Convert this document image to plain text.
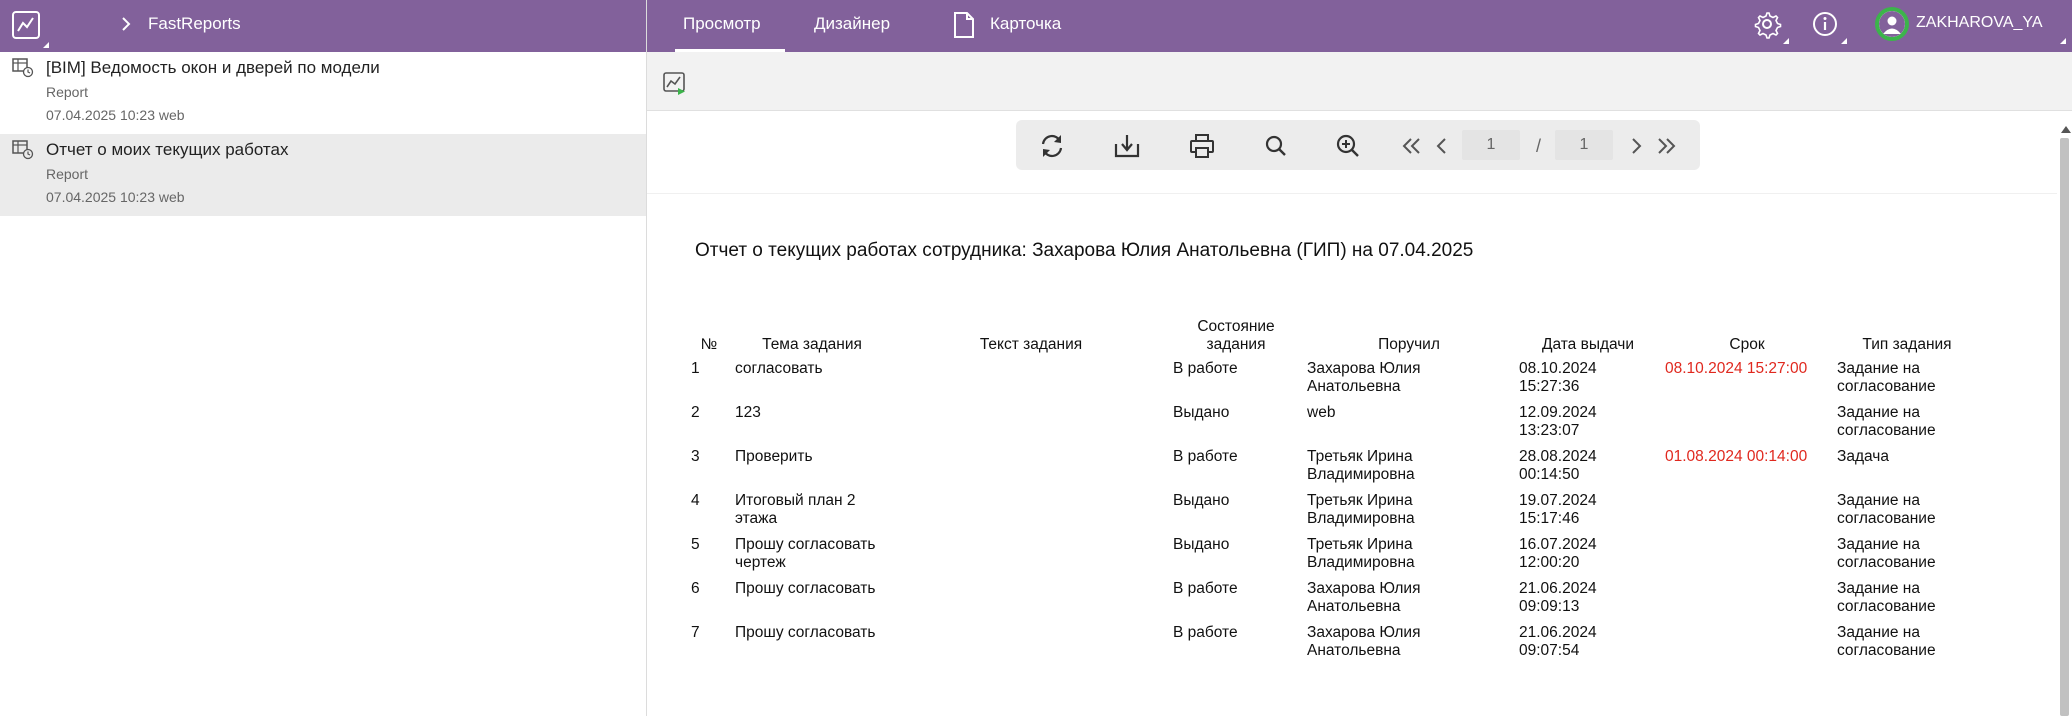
FastReports
[BIM] Ведомость окон и дверей по модели
Report
07.04.2025 10:23 web
Отчет о моих текущих работах
Report
07.04.2025 10:23 web
Просмотр	Дизайнер	Карточка	ZAKHAROVA_YA
1	/	1
Отчет о текущих работах сотрудника: Захарова Юлия Анатольевна (ГИП) на 07.04.2025
№	Тема задания	Текст задания	Состояние задания	Поручил	Дата выдачи	Срок	Тип задания
1	согласовать		В работе	Захарова Юлия Анатольевна	08.10.2024 15:27:36	08.10.2024 15:27:00	Задание на согласование
2	123		Выдано	web	12.09.2024 13:23:07		Задание на согласование
3	Проверить		В работе	Третьяк Ирина Владимировна	28.08.2024 00:14:50	01.08.2024 00:14:00	Задача
4	Итоговый план 2 этажа		Выдано	Третьяк Ирина Владимировна	19.07.2024 15:17:46		Задание на согласование
5	Прошу согласовать чертеж		Выдано	Третьяк Ирина Владимировна	16.07.2024 12:00:20		Задание на согласование
6	Прошу согласовать		В работе	Захарова Юлия Анатольевна	21.06.2024 09:09:13		Задание на согласование
7	Прошу согласовать		В работе	Захарова Юлия Анатольевна	21.06.2024 09:07:54		Задание на согласование
